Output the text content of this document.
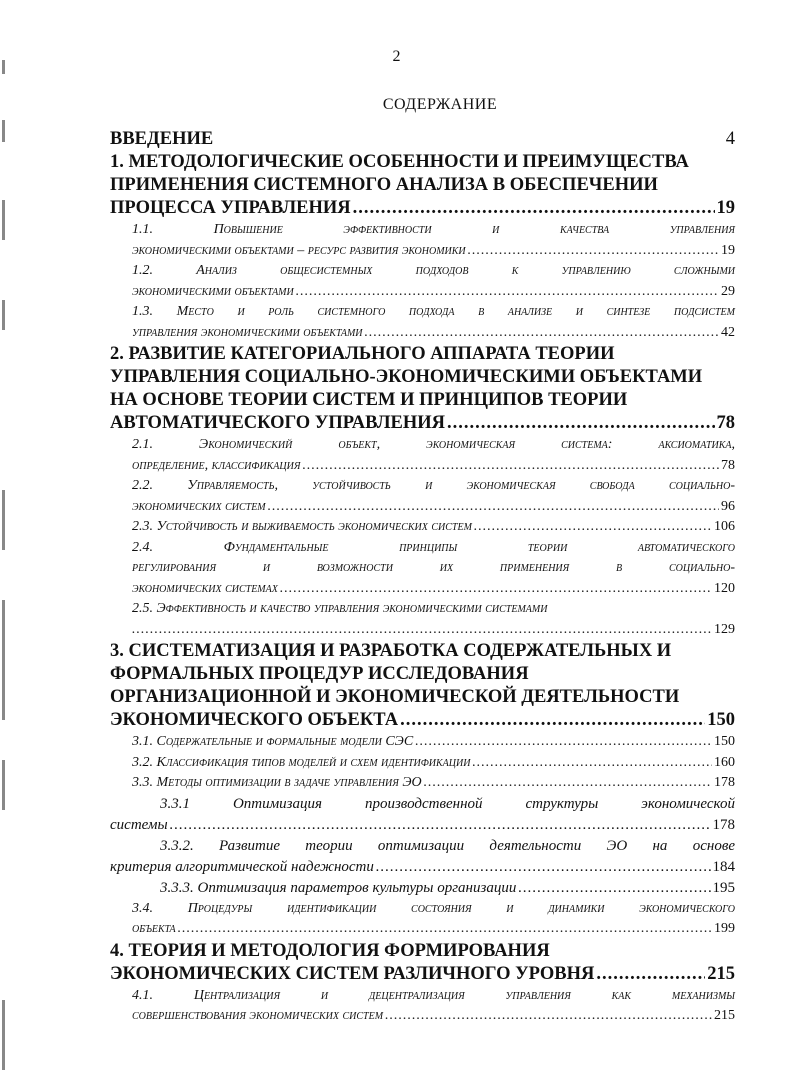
2
СОДЕРЖАНИЕ
ВВЕДЕНИЕ	4
1. МЕТОДОЛОГИЧЕСКИЕ ОСОБЕННОСТИ И ПРЕИМУЩЕСТВА
ПРИМЕНЕНИЯ СИСТЕМНОГО АНАЛИЗА В ОБЕСПЕЧЕНИИ
ПРОЦЕССА УПРАВЛЕНИЯ .....	19
1.1. Повышение эффективности и качества управления
экономическими объектами – ресурс развития экономики .....	19
1.2. Анализ общесистемных подходов к управлению сложными
экономическими объектами .....	29
1.3. Место и роль системного подхода в анализе и синтезе подсистем
управления экономическими объектами .....	42
2. РАЗВИТИЕ КАТЕГОРИАЛЬНОГО АППАРАТА ТЕОРИИ
УПРАВЛЕНИЯ СОЦИАЛЬНО-ЭКОНОМИЧЕСКИМИ ОБЪЕКТАМИ
НА ОСНОВЕ ТЕОРИИ СИСТЕМ И ПРИНЦИПОВ ТЕОРИИ
АВТОМАТИЧЕСКОГО УПРАВЛЕНИЯ .....	78
2.1. Экономический объект, экономическая система: аксиоматика,
определение, классификация .....	78
2.2. Управляемость, устойчивость и экономическая свобода социально-
экономических систем .....	96
2.3. Устойчивость и выживаемость экономических систем .....	106
2.4. Фундаментальные принципы теории автоматического
регулирования и возможности их применения в социально-
экономических системах .....	120
2.5. Эффективность и качество управления экономическими системами
.....
129
3. СИСТЕМАТИЗАЦИЯ И РАЗРАБОТКА СОДЕРЖАТЕЛЬНЫХ И
ФОРМАЛЬНЫХ ПРОЦЕДУР ИССЛЕДОВАНИЯ
ОРГАНИЗАЦИОННОЙ И ЭКОНОМИЧЕСКОЙ ДЕЯТЕЛЬНОСТИ
ЭКОНОМИЧЕСКОГО ОБЪЕКТА .....	150
3.1. Содержательные и формальные модели СЭС .....	150
3.2. Классификация типов моделей и схем идентификации .....	160
3.3. Методы оптимизации в задаче управления ЭО .....	178
3.3.1 Оптимизация производственной структуры экономической
системы .....	178
3.3.2. Развитие теории оптимизации деятельности ЭО на основе
критерия алгоритмической надежности .....	184
3.3.3. Оптимизация параметров культуры организации .....	195
3.4. Процедуры идентификации состояния и динамики экономического
объекта .....	199
4. ТЕОРИЯ И МЕТОДОЛОГИЯ ФОРМИРОВАНИЯ
ЭКОНОМИЧЕСКИХ СИСТЕМ РАЗЛИЧНОГО УРОВНЯ .....	215
4.1. Централизация и децентрализация управления как механизмы
совершенствования экономических систем .....	215
